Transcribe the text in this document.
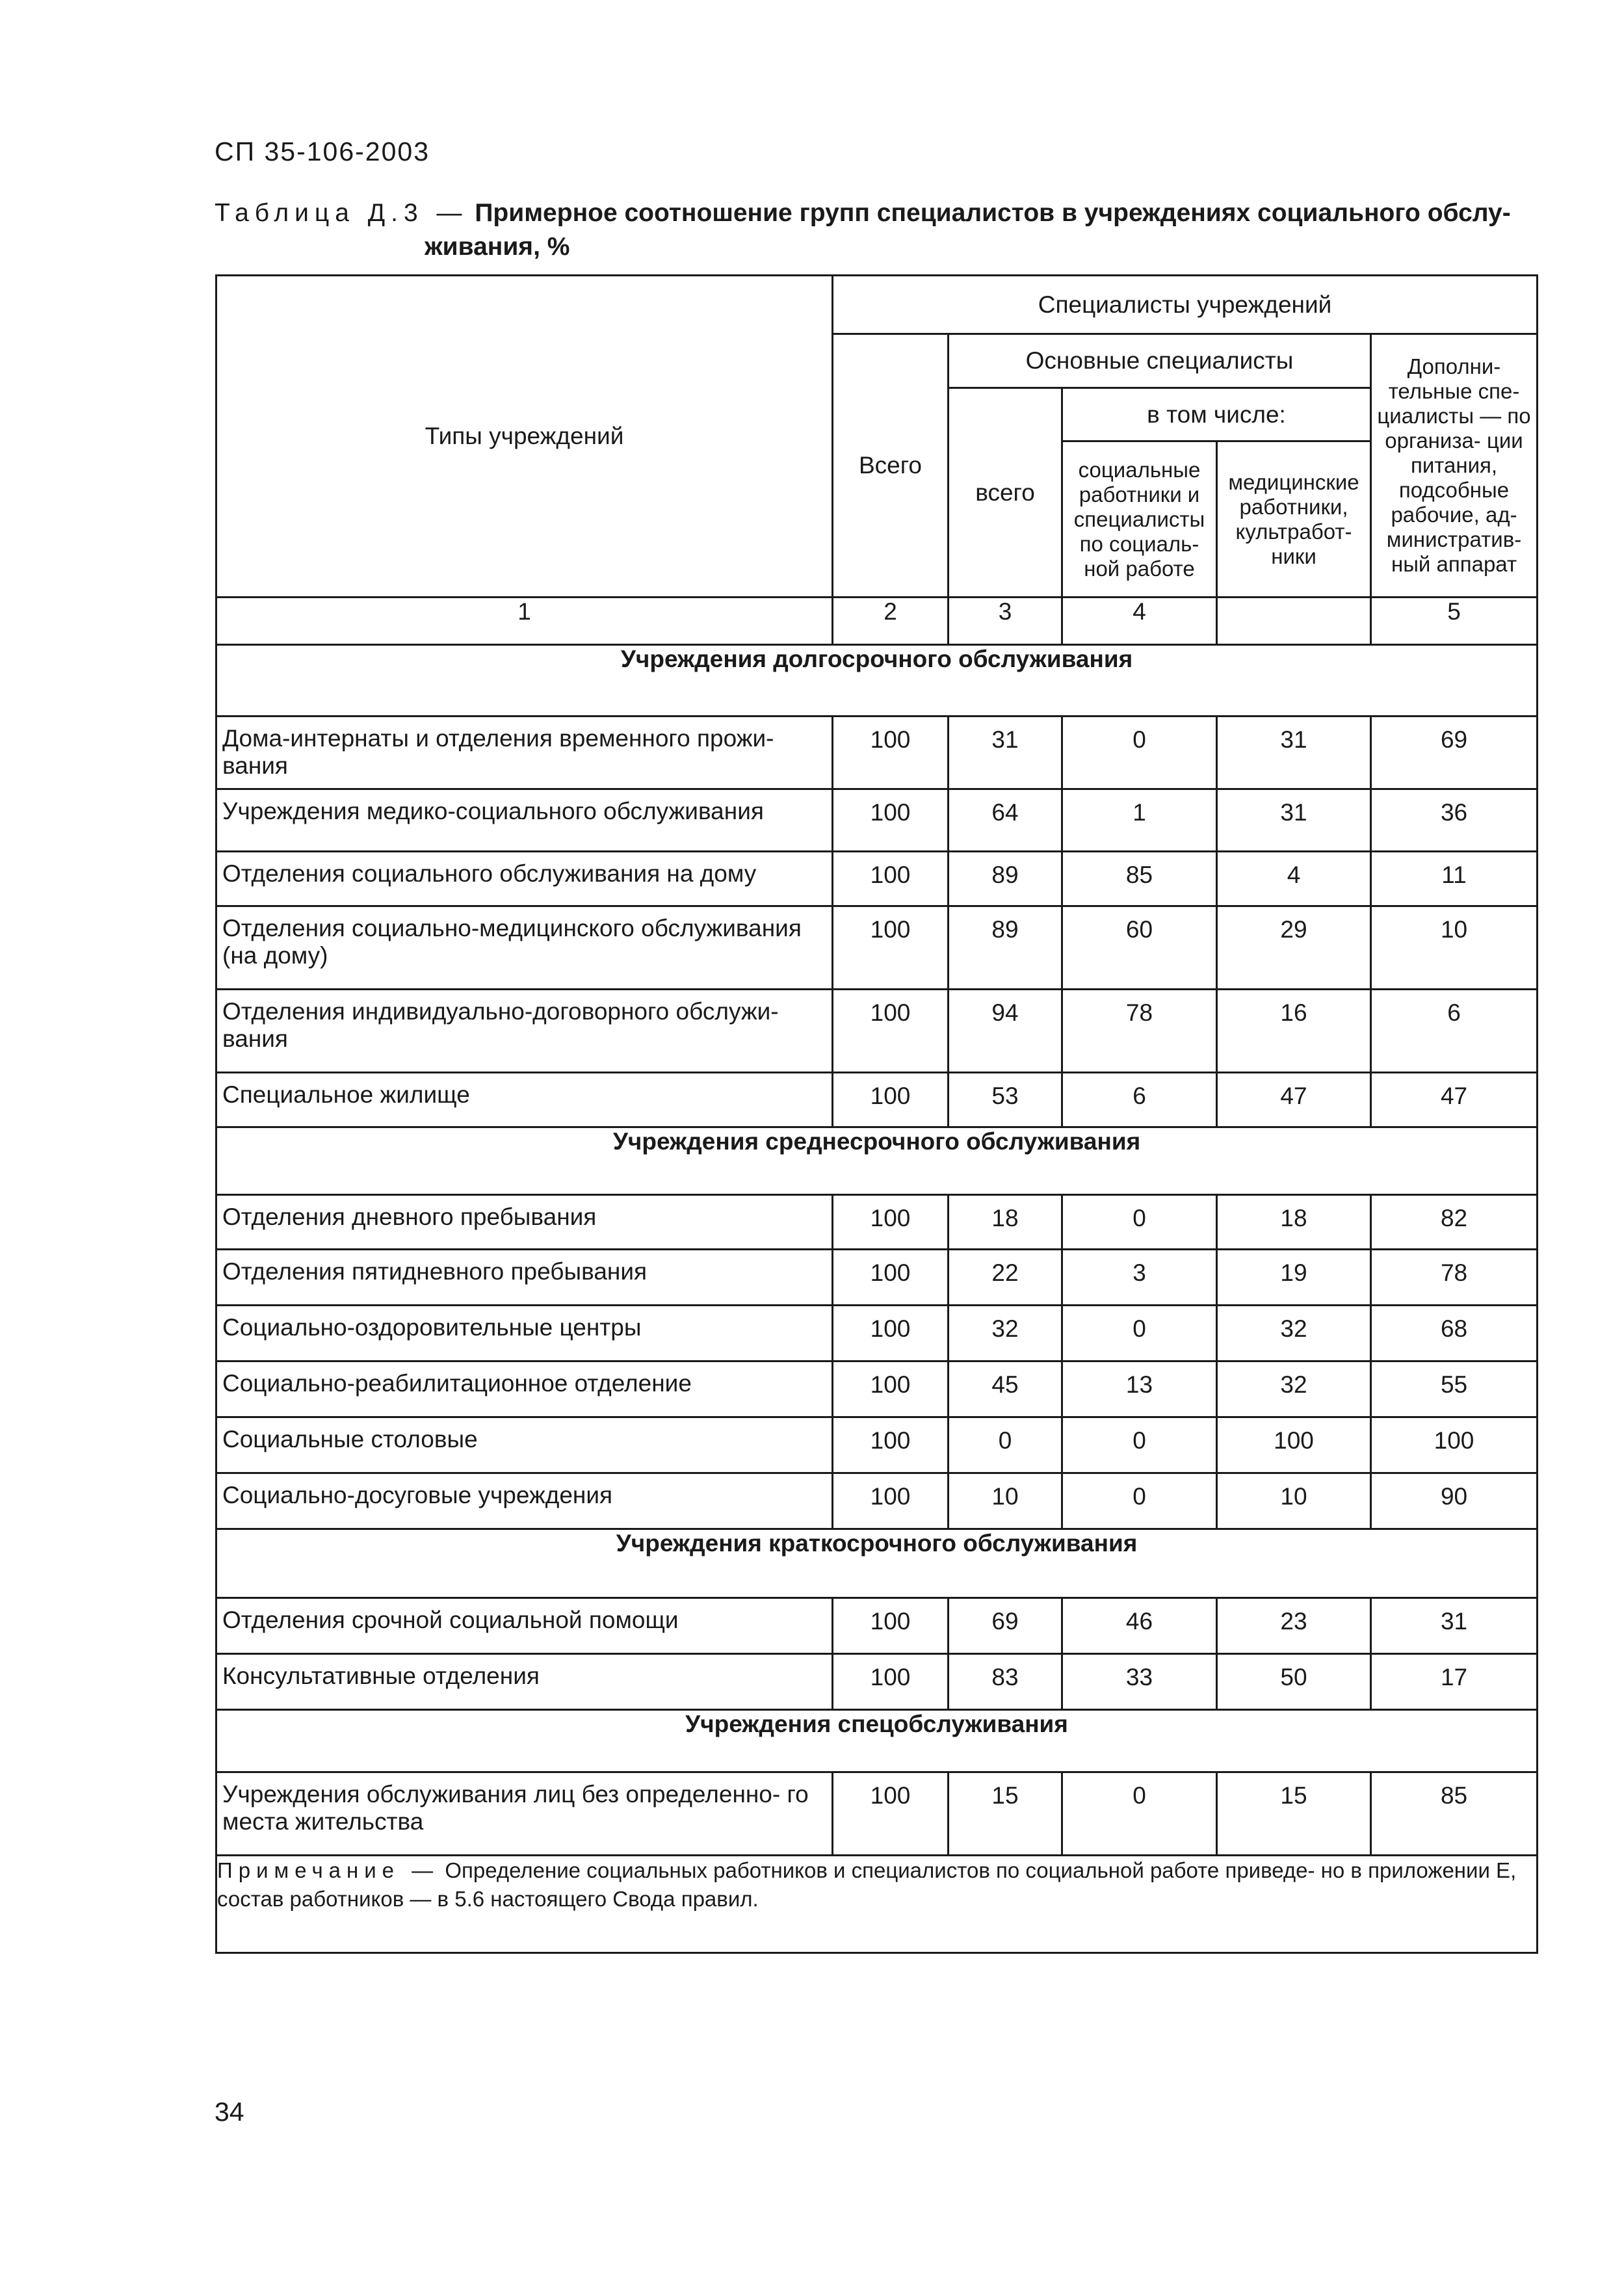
СП 35-106-2003
Таблица Д.3 — Примерное соотношение групп специалистов в учреждениях социального обслу-
живания, %
Типы учреждений	Специалисты учреждений				
	Всего	Основные специалисты			Дополни- тельные спе- циалисты — по организа- ции питания, подсобные рабочие, ад- министратив- ный аппарат
		всего	в том числе:		
			социальные работники и специалисты по социаль- ной работе	медицинские работники, культработ- ники	

1	2	3	4		5
Учреждения долгосрочного обслуживания					
Дома-интернаты и отделения временного прожи- вания	100	31	0	31	69
Учреждения медико-социального обслуживания	100	64	1	31	36
Отделения социального обслуживания на дому	100	89	85	4	11
Отделения социально-медицинского обслуживания (на дому)	100	89	60	29	10
Отделения индивидуально-договорного обслужи- вания	100	94	78	16	6
Специальное жилище	100	53	6	47	47
Учреждения среднесрочного обслуживания					
Отделения дневного пребывания	100	18	0	18	82
Отделения пятидневного пребывания	100	22	3	19	78
Социально-оздоровительные центры	100	32	0	32	68
Социально-реабилитационное отделение	100	45	13	32	55
Социальные столовые	100	0	0	100	100
Социально-досуговые учреждения	100	10	0	10	90
Учреждения краткосрочного обслуживания					
Отделения срочной социальной помощи	100	69	46	23	31
Консультативные отделения	100	83	33	50	17
Учреждения спецобслуживания					
Учреждения обслуживания лиц без определенно- го места жительства	100	15	0	15	85
Примечание — Определение социальных работников и специалистов по социальной работе приведе- но в приложении Е, состав работников — в 5.6 настоящего Свода правил.					
34
